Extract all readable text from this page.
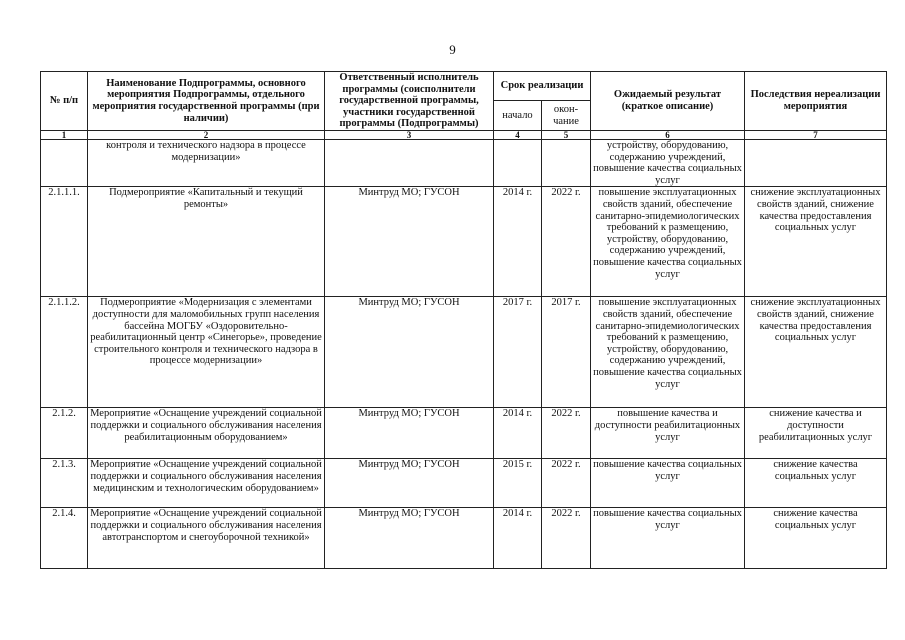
9
№ п/п	Наименование Подпрограммы, основного мероприятия Подпрограммы, отдельного мероприятия государственной программы (при наличии)	Ответственный исполнитель программы (соисполнители государственной программы, участники государственной программы (Подпрограммы)	Срок реализации		Ожидаемый результат (краткое описание)	Последствия нереализации мероприятия
			начало	окон-чание		
1	2	3	4	5	6	7
	контроля и технического надзора в процессе модернизации»				устройству, оборудованию, содержанию учреждений, повышение качества социальных услуг	
2.1.1.1.	Подмероприятие «Капитальный и текущий ремонты»	Минтруд МО; ГУСОН	2014 г.	2022 г.	повышение эксплуатационных свойств зданий, обеспечение санитарно-эпидемиологических требований к размещению, устройству, оборудованию, содержанию учреждений, повышение качества социальных услуг	снижение эксплуатационных свойств зданий, снижение качества предоставления социальных услуг
2.1.1.2.	Подмероприятие «Модернизация с элементами доступности для маломобильных групп населения бассейна МОГБУ «Оздоровительно-реабилитационный центр «Синегорье», проведение строительного контроля и технического надзора в процессе модернизации»	Минтруд МО; ГУСОН	2017 г.	2017 г.	повышение эксплуатационных свойств зданий, обеспечение санитарно-эпидемиологических требований к размещению, устройству, оборудованию, содержанию учреждений, повышение качества социальных услуг	снижение эксплуатационных свойств зданий, снижение качества предоставления социальных услуг
2.1.2.	Мероприятие «Оснащение учреждений социальной поддержки и социального обслуживания населения реабилитационным оборудованием»	Минтруд МО; ГУСОН	2014 г.	2022 г.	повышение качества и доступности реабилитационных услуг	снижение качества и доступности реабилитационных услуг
2.1.3.	Мероприятие «Оснащение учреждений социальной поддержки и социального обслуживания населения медицинским и технологическим оборудованием»	Минтруд МО; ГУСОН	2015 г.	2022 г.	повышение качества социальных услуг	снижение качества социальных услуг
2.1.4.	Мероприятие «Оснащение учреждений социальной поддержки и социального обслуживания населения автотранспортом и снегоуборочной техникой»	Минтруд МО; ГУСОН	2014 г.	2022 г.	повышение качества социальных услуг	снижение качества социальных услуг
